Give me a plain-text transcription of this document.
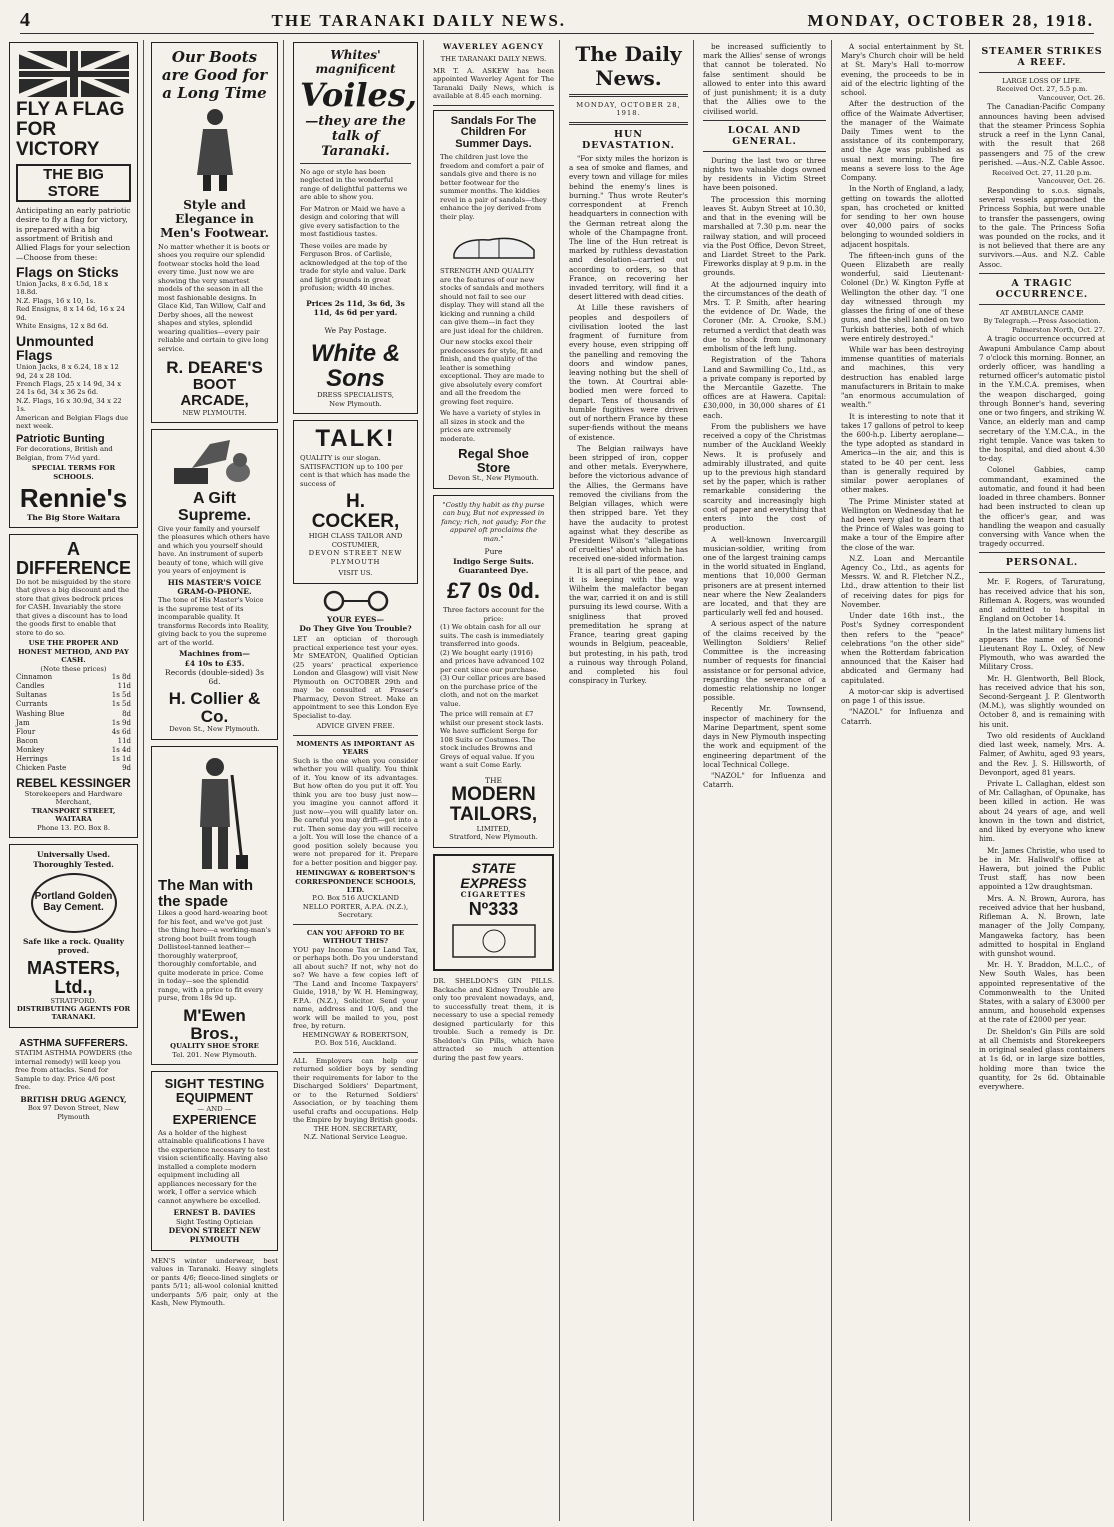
4	THE TARANAKI DAILY NEWS.	MONDAY, OCTOBER 28, 1918.
FLY A FLAG FOR VICTORY
THE BIG STORE
Anticipating an early patriotic desire to fly a flag for victory, is prepared with a big assortment of British and Allied Flags for your selection—Choose from these:
Flags on Sticks
Union Jacks, 8 x 6.5d, 18 x 18.8d.
N.Z. Flags, 16 x 10, 1s.
Red Ensigns, 8 x 14 6d, 16 x 24 9d.
White Ensigns, 12 x 8d 6d.
Unmounted Flags
Union Jacks, 8 x 6.24, 18 x 12 9d, 24 x 28 10d.
French Flags, 25 x 14 9d, 34 x 24 1s 6d, 34 x 36 2s 6d.
N.Z. Flags, 16 x 30.9d, 34 x 22 1s.
American and Belgian Flags due next week.
Patriotic Bunting
For decorations, British and Belgian, from 7½d yard.
SPECIAL TERMS FOR SCHOOLS.
Rennie's
The Big Store Waitara
A DIFFERENCE
Do not be misguided by the store that gives a big discount and the store that gives bedrock prices for CASH. Invariably the store that gives a discount has to load the goods first to enable that store to do so.
USE THE PROPER AND HONEST METHOD, AND PAY CASH.
(Note these prices)
Cinnamon	1s 8d
Candles	11d
Sultanas	1s 5d
Currants	1s 5d
Washing Blue	8d
Jam	1s 9d
Flour	4s 6d
Bacon	11d
Monkey	1s 4d
Herrings	1s 1d
Chicken Paste	9d
REBEL KESSINGER
Storekeepers and Hardware Merchant,
TRANSPORT STREET, WAITARA
Phone 13. P.O. Box 8.
Universally Used. Thoroughly Tested.
Portland Golden Bay Cement.
Safe like a rock. Quality proved.
MASTERS, Ltd.,
STRATFORD.
DISTRIBUTING AGENTS FOR TARANAKI.
ASTHMA SUFFERERS.
STATIM ASTHMA POWDERS (the internal remedy) will keep you free from attacks. Send for Sample to day. Price 4/6 post free.
BRITISH DRUG AGENCY,
Box 97 Devon Street, New Plymouth
Our Boots are Good for a Long Time
Style and Elegance in Men's Footwear.
No matter whether it is boots or shoes you require our splendid footwear stocks hold the lead every time. Just now we are showing the very smartest models of the season in all the most fashionable designs. In Glace Kid, Tan Willow, Calf and Derby shoes, all the newest shapes and styles, splendid wearing qualities—every pair reliable and certain to give long service.
R. DEARE'S
BOOT ARCADE,
NEW PLYMOUTH.
A Gift Supreme.
Give your family and yourself the pleasures which others have and which you yourself should have. An instrument of superb beauty of tone, which will give you years of enjoyment is
HIS MASTER'S VOICE GRAM-O-PHONE.
The tone of His Master's Voice is the supreme test of its incomparable quality. It transforms Records into Reality, giving back to you the supreme art of the world.
Machines from—
£4 10s to £35.
Records (double-sided) 3s 6d.
H. Collier & Co.
Devon St., New Plymouth.
The Man with the spade
Likes a good hard-wearing boot for his feet, and we've got just the thing here—a working-man's strong boot built from tough Dollisteel-tanned leather—thoroughly waterproof, thoroughly comfortable, and quite moderate in price. Come in today—see the splendid range, with a price to fit every purse, from 18s 9d up.
M'Ewen Bros.,
QUALITY SHOE STORE
Tel. 201. New Plymouth.
SIGHT TESTING EQUIPMENT
— AND —
EXPERIENCE
As a holder of the highest attainable qualifications I have the experience necessary to test vision scientifically. Having also installed a complete modern equipment including all appliances necessary for the work, I offer a service which cannot anywhere be excelled.
ERNEST B. DAVIES
Sight Testing Optician
DEVON STREET NEW PLYMOUTH
MEN'S winter underwear, best values in Taranaki. Heavy singlets or pants 4/6; fleece-lined singlets or pants 5/11; all-wool colonial knitted underpants 5/6 pair, only at the Kash, New Plymouth.
Whites' magnificent
Voiles,
—they are the talk of Taranaki.
No age or style has been neglected in the wonderful range of delightful patterns we are able to show you.
For Matron or Maid we have a design and coloring that will give every satisfaction to the most fastidious tastes.
These voiles are made by Ferguson Bros. of Carlisle, acknowledged at the top of the trade for style and value. Dark and light grounds in great profusion; width 40 inches.
Prices 2s 11d, 3s 6d, 3s 11d, 4s 6d per yard.
We Pay Postage.
White & Sons
DRESS SPECIALISTS,
New Plymouth.
TALK!
QUALITY is our slogan. SATISFACTION up to 100 per cent is that which has made the success of
H. COCKER,
HIGH CLASS TAILOR AND COSTUMIER,
DEVON STREET NEW PLYMOUTH
VISIT US.
YOUR EYES—
Do They Give You Trouble?
LET an optician of thorough practical experience test your eyes. Mr SMEATON, Qualified Optician (25 years' practical experience London and Glasgow) will visit New Plymouth on OCTOBER 29th and may be consulted at Fraser's Pharmacy, Devon Street. Make an appointment to see this London Eye Specialist to-day.
ADVICE GIVEN FREE.
MOMENTS AS IMPORTANT AS YEARS
Such is the one when you consider whether you will qualify. You think of it. You know of its advantages. But how often do you put it off. You think you are too busy just now—you imagine you cannot afford it just now—you will qualify later on. Be careful you may drift—get into a rut. Then some day you will receive a jolt. You will lose the chance of a good position solely because you were not prepared for it. Prepare for a better position and bigger pay.
HEMINGWAY & ROBERTSON'S CORRESPONDENCE SCHOOLS, LTD.
P.O. Box 516 AUCKLAND
NELLO PORTER, A.P.A. (N.Z.), Secretary.
CAN YOU AFFORD TO BE WITHOUT THIS?
YOU pay Income Tax or Land Tax, or perhaps both. Do you understand all about such? If not, why not do so? We have a few copies left of 'The Land and Income Taxpayers' Guide, 1918,' by W. H. Hemingway, F.P.A. (N.Z.), Solicitor. Send your name, address and 10/6, and the work will be mailed to you, post free, by return.
HEMINGWAY & ROBERTSON,
P.O. Box 516, Auckland.
ALL Employers can help our returned soldier boys by sending their requirements for labor to the Discharged Soldiers' Department, or to the Returned Soldiers' Association, or by teaching them useful crafts and occupations. Help the Empire by buying British goods.
THE HON. SECRETARY,
N.Z. National Service League.
WAVERLEY AGENCY
THE TARANAKI DAILY NEWS.
MR T. A. ASKEW has been appointed Waverley Agent for The Taranaki Daily News, which is available at 8.45 each morning.
Sandals For The Children For Summer Days.
The children just love the freedom and comfort a pair of sandals give and there is no better footwear for the summer months. The kiddies revel in a pair of sandals—they enhance the joy derived from their play.
STRENGTH AND QUALITY are the features of our new stocks of sandals and mothers should not fail to see our display. They will stand all the kicking and running a child can give them—in fact they are just ideal for the children.
Our new stocks excel their predecessors for style, fit and finish, and the quality of the leather is something exceptional. They are made to give absolutely every comfort and all the freedom the growing feet require.
We have a variety of styles in all sizes in stock and the prices are extremely moderate.
Regal Shoe Store
Devon St., New Plymouth.
"Costly thy habit as thy purse can buy, But not expressed in fancy; rich, not gaudy; For the apparel oft proclaims the man."
Pure
Indigo Serge Suits. Guaranteed Dye.
£7 0s 0d.
Three factors account for the price:
(1) We obtain cash for all our suits. The cash is immediately transferred into goods.
(2) We bought early (1916) and prices have advanced 102 per cent since our purchase.
(3) Our cellar prices are based on the purchase price of the cloth, and not on the market value.
The price will remain at £7 whilst our present stock lasts. We have sufficient Serge for 108 Suits or Costumes. The stock includes Browns and Greys of equal value. If you want a suit Come Early.
THE
MODERN TAILORS,
LIMITED,
Stratford, New Plymouth.
STATE EXPRESS
CIGARETTES
Nº333
DR. SHELDON'S GIN PILLS. Backache and Kidney Trouble are only too prevalent nowadays, and, to successfully treat them, it is necessary to use a special remedy designed particularly for this trouble. Such a remedy is Dr. Sheldon's Gin Pills, which have attracted so much attention during the past few years.
The Daily News.
MONDAY, OCTOBER 28, 1918.
HUN DEVASTATION.

"For sixty miles the horizon is a sea of smoke and flames, and every town and village for miles behind the enemy's lines is burning." Thus wrote Reuter's correspondent at French headquarters in connection with the German retreat along the whole of the Champagne front. The line of the Hun retreat is marked by ruthless devastation and desolation—carried out according to orders, so that France, on recovering her invaded territory, will find it a desert littered with dead cities.

At Lille these ravishers of peoples and despoilers of civilisation looted the last fragment of furniture from every house, even stripping off the panelling and removing the doors and window panes, leaving nothing but the shell of the town. At Courtrai able-bodied men were forced to depart. Tens of thousands of humble fugitives were driven out of northern France by these super-fiends without the means of existence.

The Belgian railways have been stripped of iron, copper and other metals. Everywhere, before the victorious advance of the Allies, the Germans have removed the civilians from the Belgian villages, which were then stripped bare. Yet they have the audacity to protest against what they describe as President Wilson's "allegations of cruelties" about which he has received one-sided information.

It is all part of the peace, and it is keeping with the way Wilhelm the malefactor began the war, carried it on and is still pursuing its lewd course. With a snigliness that proved premeditation he sprang at France, tearing great gaping wounds in Belgium, peaceable, but protesting, in his path, trod a ruinous way through Poland, and completed his foul conspiracy in Turkey.

be increased sufficiently to mark the Allies' sense of wrongs that cannot be tolerated. No false sentiment should be allowed to enter into this award of just punishment; it is a duty that the Allies owe to the civilised world.

LOCAL AND GENERAL.

During the last two or three nights two valuable dogs owned by residents in Victim Street have been poisoned.

The procession this morning leaves St. Aubyn Street at 10.30, and that in the evening will be marshalled at 7.30 p.m. near the railway station, and will proceed via the Post Office, Devon Street, and Liardet Street to the Park. Fireworks display at 9 p.m. in the grounds.

At the adjourned inquiry into the circumstances of the death of Mrs. T. P. Smith, after hearing the evidence of Dr. Wade, the Coroner (Mr. A. Crooke, S.M.) returned a verdict that death was due to shock from pulmonary embolism of the left lung.

Registration of the Tahora Land and Sawmilling Co., Ltd., as a private company is reported by the Mercantile Gazette. The offices are at Hawera. Capital: £30,000, in 30,000 shares of £1 each.

From the publishers we have received a copy of the Christmas number of the Auckland Weekly News. It is profusely and admirably illustrated, and quite up to the previous high standard set by the paper, which is rather remarkable considering the scarcity and increasingly high cost of paper and everything that enters into the cost of production.

A well-known Invercargill musician-soldier, writing from one of the largest training camps in the world situated in England, mentions that 10,000 German prisoners are at present interned near where the New Zealanders are located, and that they are particularly well fed and housed.

A serious aspect of the nature of the claims received by the Wellington Soldiers' Relief Committee is the increasing number of requests for financial assistance or for personal advice, regarding the severance of a domestic relationship no longer possible.

Recently Mr. Townsend, inspector of machinery for the Marine Department, spent some days in New Plymouth inspecting the work and equipment of the engineering department of the local Technical College.

"NAZOL" for Influenza and Catarrh.

A social entertainment by St. Mary's Church choir will be held at St. Mary's Hall to-morrow evening, the proceeds to be in aid of the electric lighting of the school.

After the destruction of the office of the Waimate Advertiser, the manager of the Waimate Daily Times went to the assistance of its contemporary, and the Age was published as usual next morning. The fire means a severe loss to the Age Company.

In the North of England, a lady, getting on towards the allotted span, has crocheted or knitted for sending to her own house over 40,000 pairs of socks belonging to wounded soldiers in adjacent hospitals.

The fifteen-inch guns of the Queen Elizabeth are really wonderful, said Lieutenant-Colonel (Dr.) W. Kington Fyffe at Wellington the other day. "I one day witnessed through my glasses the firing of one of these guns, and the shell landed on two Turkish batteries, both of which were entirely destroyed."

While war has been destroying immense quantities of materials and machines, this very destruction has enabled large manufacturers in Britain to make "an enormous accumulation of wealth."

It is interesting to note that it takes 17 gallons of petrol to keep the 600-h.p. Liberty aeroplane—the type adopted as standard in America—in the air, and this is stated to be 40 per cent. less than is generally required by similar power aeroplanes of other makes.

The Prime Minister stated at Wellington on Wednesday that he had been very glad to learn that the Prince of Wales was going to make a tour of the Empire after the close of the war.

N.Z. Loan and Mercantile Agency Co., Ltd., as agents for Messrs. W. and R. Fletcher N.Z., Ltd., draw attention to their list of receiving dates for pigs for November.

Under date 16th inst., the Post's Sydney correspondent then refers to the "peace" celebrations "on the other side" when the Rotterdam fabrication announced that the Kaiser had abdicated and Germany had capitulated.

A motor-car skip is advertised on page 1 of this issue.

"NAZOL" for Influenza and Catarrh.

STEAMER STRIKES A REEF.
LARGE LOSS OF LIFE.
Received Oct. 27, 5.5 p.m.
Vancouver, Oct. 26.

The Canadian-Pacific Company announces having been advised that the steamer Princess Sophia struck a reef in the Lynn Canal, with the result that 268 passengers and 75 of the crew perished. —Aus.-N.Z. Cable Assoc.

Received Oct. 27, 11.20 p.m.
Vancouver, Oct. 26.

Responding to s.o.s. signals, several vessels approached the Princess Sophia, but were unable to transfer the passengers, owing to the gale. The Princess Sofia was pounded on the rocks, and it is not believed that there are any survivors.—Aus. and N.Z. Cable Assoc.

A TRAGIC OCCURRENCE.
AT AMBULANCE CAMP.
By Telegraph.—Press Association.
Palmerston North, Oct. 27.

A tragic occurrence occurred at Awapuni Ambulance Camp about 7 o'clock this morning. Bonner, an orderly officer, was handling a returned officer's automatic pistol in the Y.M.C.A. premises, when the weapon discharged, going through Bonner's hand, severing one or two fingers, and striking W. Vance, an elderly man and camp secretary of the Y.M.C.A., in the right temple. Vance was taken to the hospital, and died about 4.30 to-day.

Colonel Gabbies, camp commandant, examined the automatic, and found it had been loaded in three chambers. Bonner had been instructed to clean up the officer's gear, and was handling the weapon and casually conversing with Vance when the tragedy occurred.

PERSONAL.

Mr. F. Rogers, of Taruratung, has received advice that his son, Rifleman A. Rogers, was wounded and admitted to hospital in England on October 14.

In the latest military lumens list appears the name of Second-Lieutenant Roy L. Oxley, of New Plymouth, who was awarded the Military Cross.

Mr. H. Glentworth, Bell Block, has received advice that his son, Second-Sergeant J. P. Glentworth (M.M.), was slightly wounded on October 8, and is remaining with his unit.

Two old residents of Auckland died last week, namely, Mrs. A. Falmer, of Awhitu, aged 93 years, and the Rev. J. S. Hillsworth, of Devonport, aged 81 years.

Private L. Callaghan, eldest son of Mr. Callaghan, of Opunake, has been killed in action. He was about 24 years of age, and well known in the town and district, and liked by everyone who knew him.

Mr. James Christie, who used to be in Mr. Hallwolf's office at Hawera, but joined the Public Trust staff, has now been appointed a 12w draughtsman.

Mrs. A. N. Brown, Aurora, has received advice that her husband, Rifleman A. N. Brown, late manager of the Jolly Company, Mangaweka factory, has been admitted to hospital in England with gunshot wound.

Mr. H. Y. Braddon, M.L.C., of New South Wales, has been appointed representative of the Commonwealth to the United States, with a salary of £3000 per annum, and household expenses at the rate of £2000 per year.

Dr. Sheldon's Gin Pills are sold at all Chemists and Storekeepers in original sealed glass containers at 1s 6d, or in large size bottles, holding more than twice the quantity, for 2s 6d. Obtainable everywhere.
